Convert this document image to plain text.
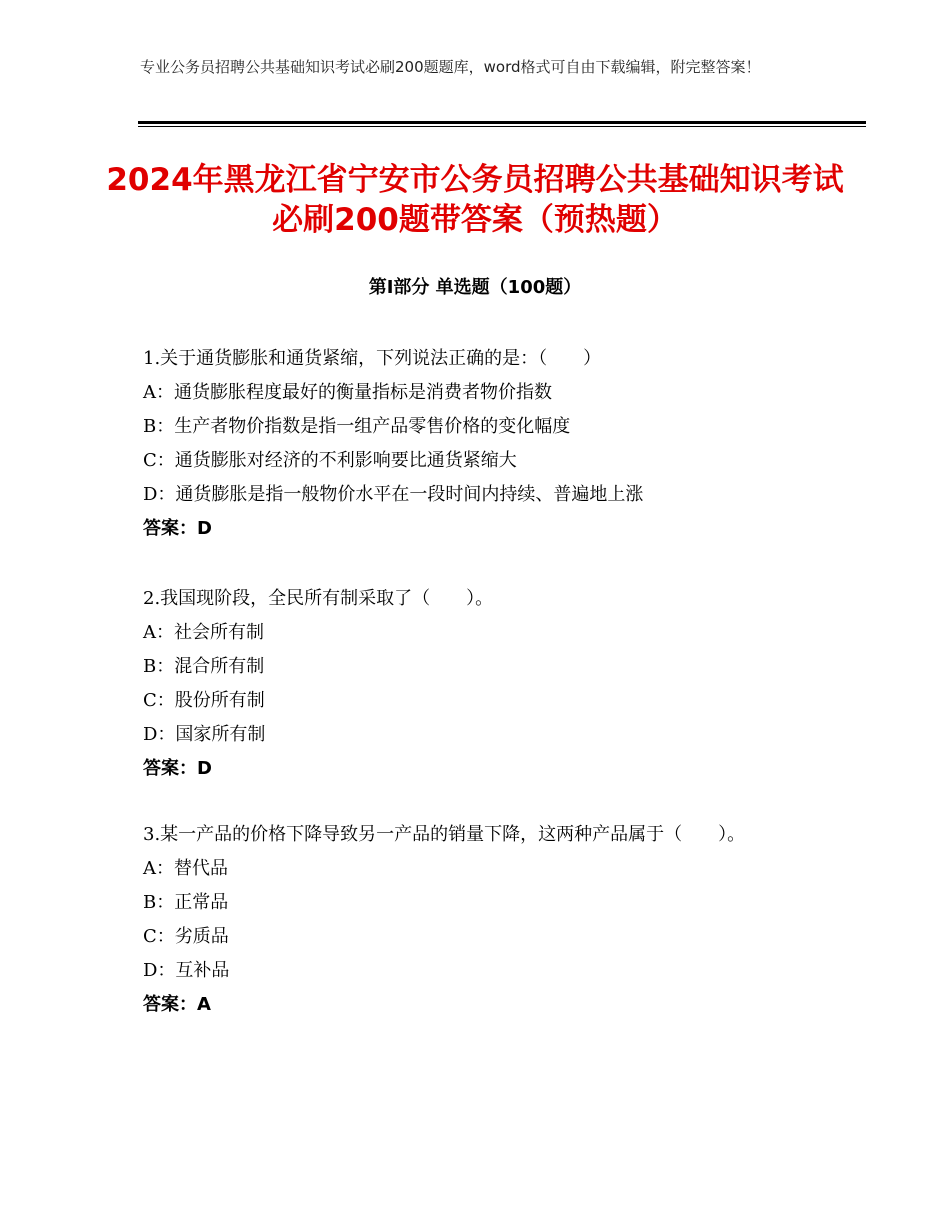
专业公务员招聘公共基础知识考试必刷200题题库，word格式可自由下载编辑，附完整答案！
2024年黑龙江省宁安市公务员招聘公共基础知识考试必刷200题带答案（预热题）
第Ⅰ部分 单选题（100题）

1.关于通货膨胀和通货紧缩，下列说法正确的是：（　　）

A：通货膨胀程度最好的衡量指标是消费者物价指数

B：生产者物价指数是指一组产品零售价格的变化幅度

C：通货膨胀对经济的不利影响要比通货紧缩大

D：通货膨胀是指一般物价水平在一段时间内持续、普遍地上涨

答案：D

2.我国现阶段，全民所有制采取了（　　）。

A：社会所有制

B：混合所有制

C：股份所有制

D：国家所有制

答案：D

3.某一产品的价格下降导致另一产品的销量下降，这两种产品属于（　　）。

A：替代品

B：正常品

C：劣质品

D：互补品

答案：A
